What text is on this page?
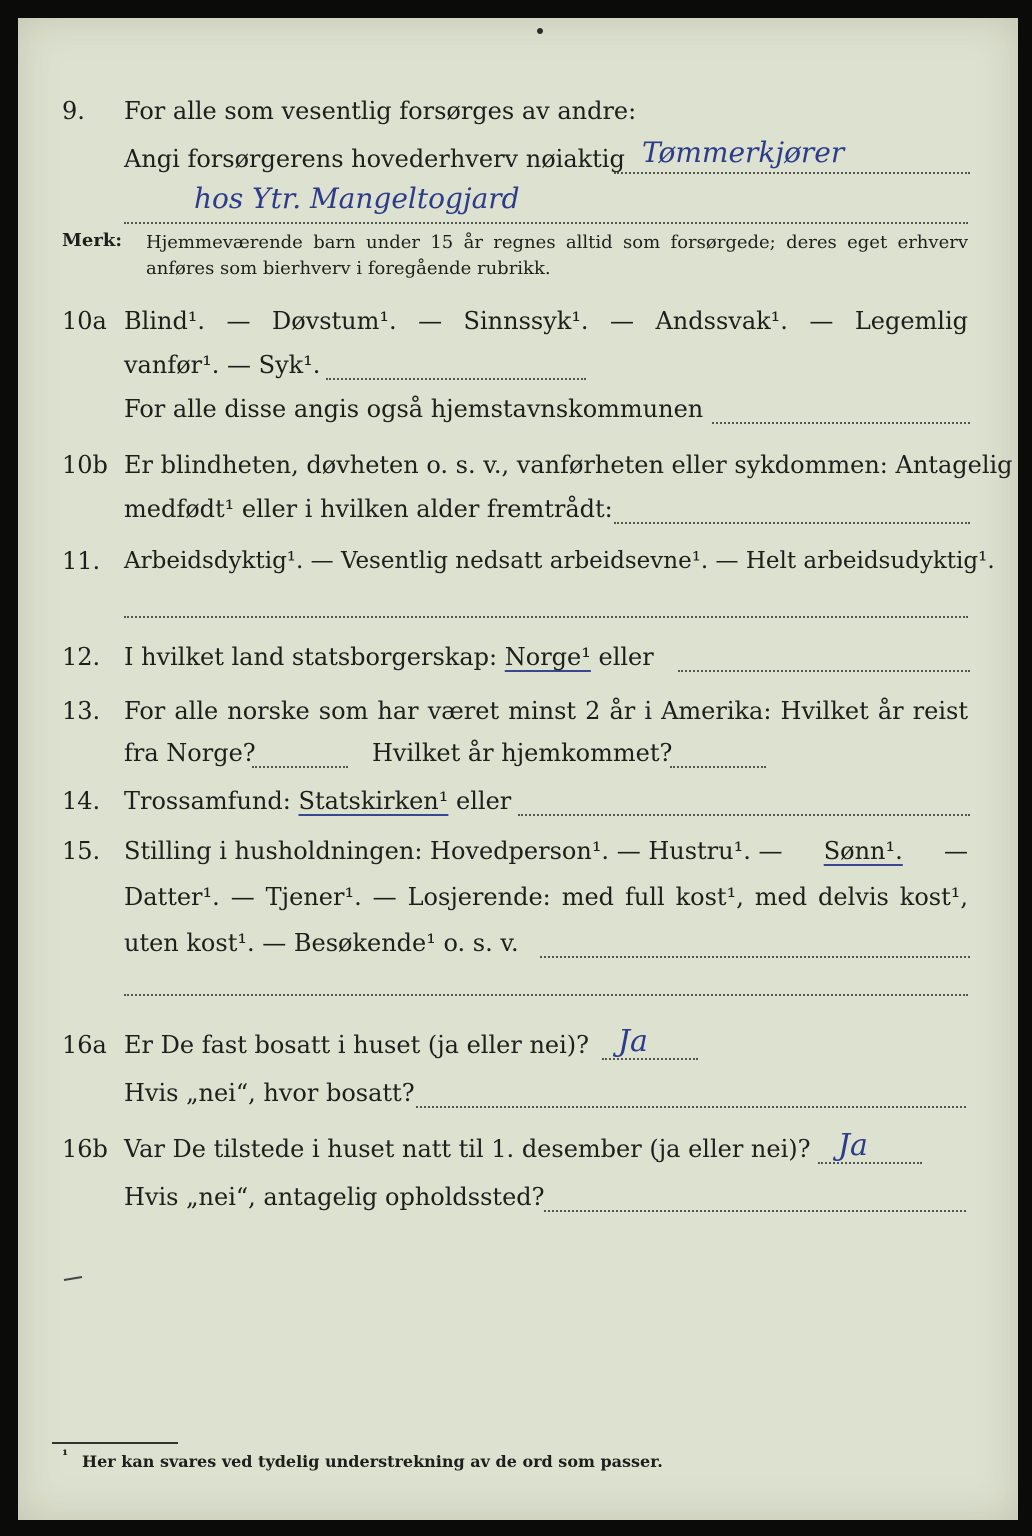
9. For alle som vesentlig forsørges av andre:
Angi forsørgerens hovederhverv nøiaktig Tømmerkjører
hos Ytr. Mangeltogjard
Merk: Hjemmeværende barn under 15 år regnes alltid som forsørgede; deres eget erhverv
anføres som bierhverv i foregående rubrikk.
10a Blind¹. — Døvstum¹. — Sinnssyk¹. — Andssvak¹. — Legemlig
vanfør¹. — Syk¹.
For alle disse angis også hjemstavnskommunen
10b Er blindheten, døvheten o. s. v., vanførheten eller sykdommen: Antagelig
medfødt¹ eller i hvilken alder fremtrådt:
11. Arbeidsdyktig¹. — Vesentlig nedsatt arbeidsevne¹. — Helt arbeidsudyktig¹.
12. I hvilket land statsborgerskap: Norge¹ eller
13. For alle norske som har været minst 2 år i Amerika: Hvilket år reist
fra Norge?	Hvilket år hjemkommet?
14. Trossamfund: Statskirken¹ eller
15. Stilling i husholdningen: Hovedperson¹. — Hustru¹. — Sønn¹. —
Datter¹. — Tjener¹. — Losjerende: med full kost¹, med delvis kost¹,
uten kost¹. — Besøkende¹ o. s. v.
16a Er De fast bosatt i huset (ja eller nei)? Ja
Hvis „nei“, hvor bosatt?
16b Var De tilstede i huset natt til 1. desember (ja eller nei)? Ja
Hvis „nei“, antagelig opholdssted?
¹ Her kan svares ved tydelig understrekning av de ord som passer.
